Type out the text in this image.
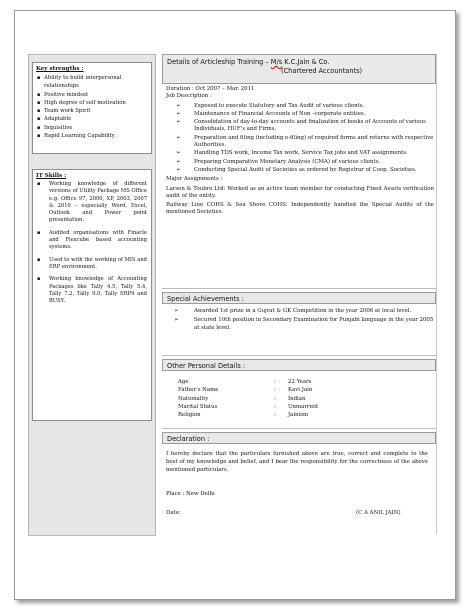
Key strengths :
▪ Ability to build interpersonal relationships
▪ Positive mindset
▪ High degree of self motivation
▪ Team work Spirit
▪ Adaptable
▪ Inquisitive
▪ Rapid Learning Capability
IT Skills :
▪ Working knowledge of different versions of Utility Package MS Office e.g. Office 97, 2000, XP, 2003, 2007 & 2010 – especially Word, Excel, Outlook and Power point presentation.
▪ Audited organisations with Finacle and Flexcube based accounting systems.
▪ Used to with the working of MIS and ERP environment.
▪ Working knowledge of Accounting Packages like Tally 4.5, Tally 5.4, Tally 7.2, Tally 9.0, Tally ERP9 and BUSY.
Details of Articleship Training – M/s K.C.Jain & Co.
(Chartered Accountants)

Duration : Oct 2007 – Mar. 2011

Job Description :

➢ Exposed to execute Statutory and Tax Audit of various clients.
➢ Maintenance of Financial Accounts of Non –corporate entities.
➢ Consolidation of day-to-day accounts and finalization of books of Accounts of various Individuals, HUF’s and Firms.
➢ Preparation and filing (including e-filing) of required forms and returns with respective Authorities.
➢ Handling TDS work, Income Tax work, Service Tax jobs and VAT assignments.
➢ Preparing Comparative Monetary Analysis (CMA) of various clients.
➢ Conducting Special Audit of Societies as ordered by Registrar of Coop. Societies.

Major Assignments :

Larsen & Toubro Ltd: Worked as an active team member for conducting Fixed Assets verification audit of the entity.

Railway Line COHS & Sea Shore COHS: Independently handled the Special Audits of the mentioned Societies.

Special Achievements :
➢ Awarded 1st prize in a Gujrat & GK Competition in the year 2006 at local level.
➢ Secured 10th position in Secondary Examination for Punjabi language in the year 2005 at state level.
Other Personal Details :
Age	:	22 Years
Father’s Name	:	Kavi Jain
Nationality	:	Indian
Marital Status	:	Unmarried
Religion	:	Jainism
Declaration :
I hereby declare that the particulars furnished above are true, correct and complete to the best of my knowledge and belief, and I bear the responsibility for the correctness of the above mentioned particulars.
Place : New Delhi
Date:	(C A ANIL JAIN)
